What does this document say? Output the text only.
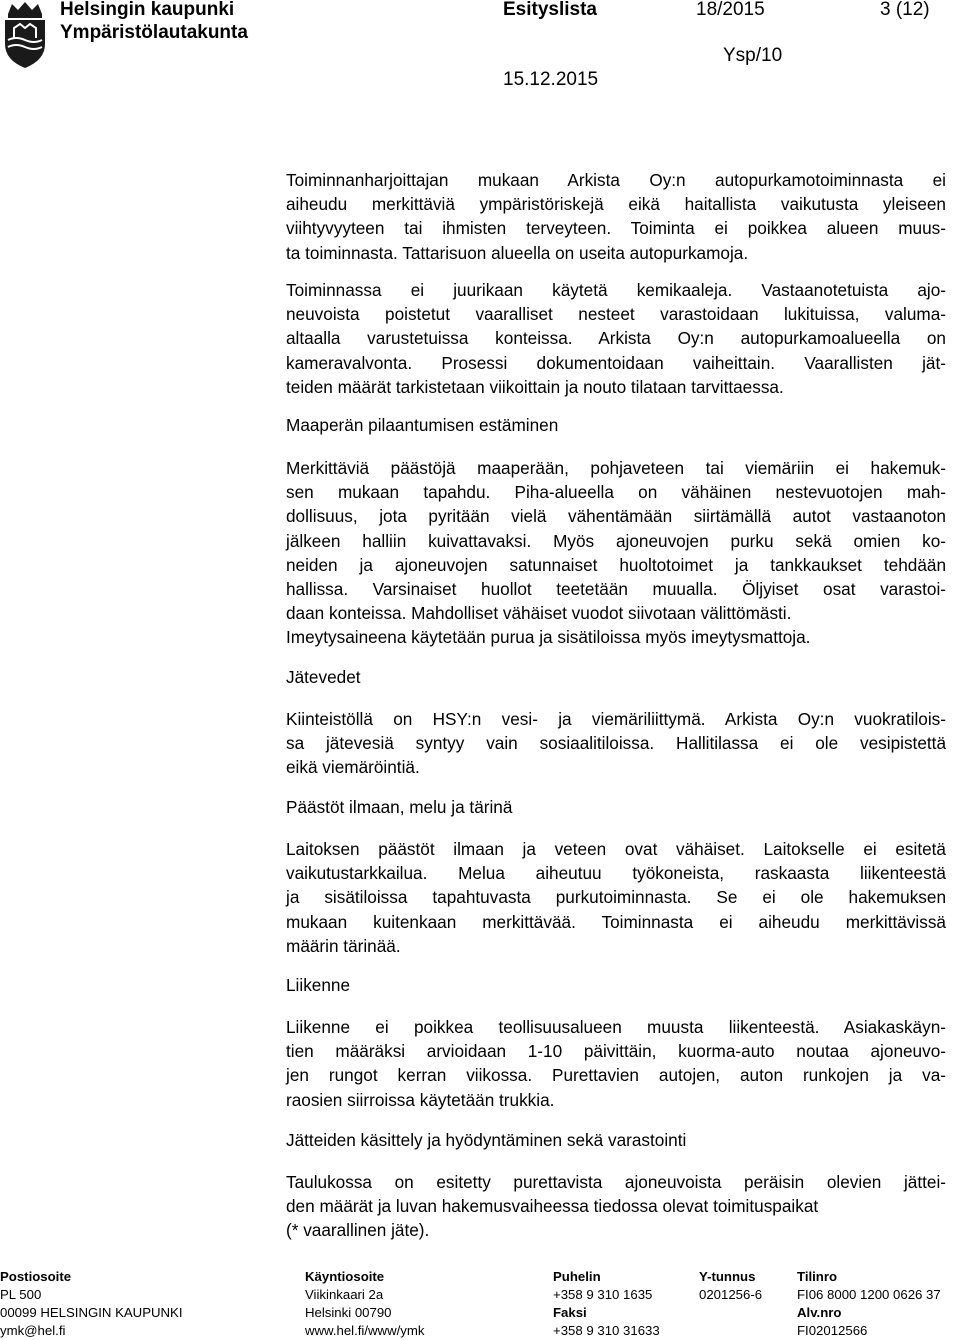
Helsingin kaupunki
Ympäristölautakunta
Esityslista	18/2015	3 (12)
Ysp/10
15.12.2015
Toiminnanharjoittajan mukaan Arkista Oy:n autopurkamotoiminnasta ei
aiheudu merkittäviä ympäristöriskejä eikä haitallista vaikutusta yleiseen
viihtyvyyteen tai ihmisten terveyteen. Toiminta ei poikkea alueen muus-
ta toiminnasta. Tattarisuon alueella on useita autopurkamoja.
Toiminnassa ei juurikaan käytetä kemikaaleja. Vastaanotetuista ajo-
neuvoista poistetut vaaralliset nesteet varastoidaan lukituissa, valuma-
altaalla varustetuissa konteissa. Arkista Oy:n autopurkamoalueella on
kameravalvonta. Prosessi dokumentoidaan vaiheittain. Vaarallisten jät-
teiden määrät tarkistetaan viikoittain ja nouto tilataan tarvittaessa.
Maaperän pilaantumisen estäminen
Merkittäviä päästöjä maaperään, pohjaveteen tai viemäriin ei hakemuk-
sen mukaan tapahdu. Piha-alueella on vähäinen nestevuotojen mah-
dollisuus, jota pyritään vielä vähentämään siirtämällä autot vastaanoton
jälkeen halliin kuivattavaksi. Myös ajoneuvojen purku sekä omien ko-
neiden ja ajoneuvojen satunnaiset huoltotoimet ja tankkaukset tehdään
hallissa. Varsinaiset huollot teetetään muualla. Öljyiset osat varastoi-
daan konteissa. Mahdolliset vähäiset vuodot siivotaan välittömästi.
Imeytysaineena käytetään purua ja sisätiloissa myös imeytysmattoja.
Jätevedet
Kiinteistöllä on HSY:n vesi- ja viemäriliittymä. Arkista Oy:n vuokratilois-
sa jätevesiä syntyy vain sosiaalitiloissa. Hallitilassa ei ole vesipistettä
eikä viemäröintiä.
Päästöt ilmaan, melu ja tärinä
Laitoksen päästöt ilmaan ja veteen ovat vähäiset. Laitokselle ei esitetä
vaikutustarkkailua. Melua aiheutuu työkoneista, raskaasta liikenteestä
ja sisätiloissa tapahtuvasta purkutoiminnasta. Se ei ole hakemuksen
mukaan kuitenkaan merkittävää. Toiminnasta ei aiheudu merkittävissä
määrin tärinää.
Liikenne
Liikenne ei poikkea teollisuusalueen muusta liikenteestä. Asiakaskäyn-
tien määräksi arvioidaan 1-10 päivittäin, kuorma-auto noutaa ajoneuvo-
jen rungot kerran viikossa. Purettavien autojen, auton runkojen ja va-
raosien siirroissa käytetään trukkia.
Jätteiden käsittely ja hyödyntäminen sekä varastointi
Taulukossa on esitetty purettavista ajoneuvoista peräisin olevien jättei-
den määrät ja luvan hakemusvaiheessa tiedossa olevat toimituspaikat
(* vaarallinen jäte).
Postiosoite
PL 500
00099 HELSINGIN KAUPUNKI
ymk@hel.fi
Käyntiosoite
Viikinkaari 2a
Helsinki 00790
www.hel.fi/www/ymk
Puhelin
+358 9 310 1635
Faksi
+358 9 310 31633
Y-tunnus
0201256-6
Tilinro
FI06 8000 1200 0626 37
Alv.nro
FI02012566
